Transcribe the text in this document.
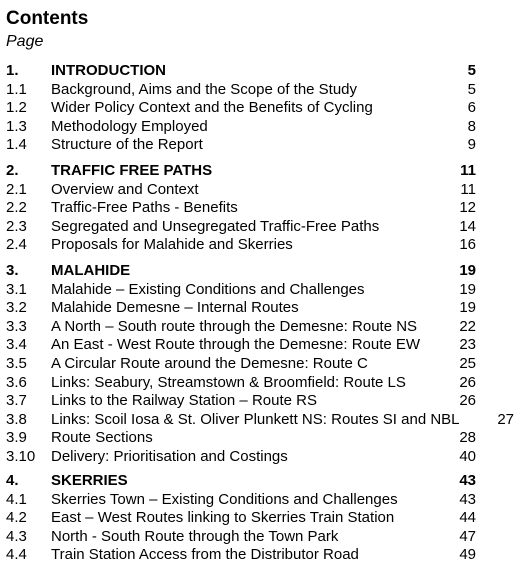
Contents
Page
1. INTRODUCTION	5
1.1 Background, Aims and the Scope of the Study	5
1.2 Wider Policy Context and the Benefits of Cycling	6
1.3 Methodology Employed	8
1.4 Structure of the Report	9
2. TRAFFIC FREE PATHS	11
2.1 Overview and Context	11
2.2 Traffic-Free Paths - Benefits	12
2.3 Segregated and Unsegregated Traffic-Free Paths	14
2.4 Proposals for Malahide and Skerries	16
3. MALAHIDE	19
3.1 Malahide – Existing Conditions and Challenges	19
3.2 Malahide Demesne – Internal Routes	19
3.3 A North – South route through the Demesne: Route NS	22
3.4 An East - West Route through the Demesne: Route EW	23
3.5 A Circular Route around the Demesne: Route C	25
3.6 Links: Seabury, Streamstown & Broomfield: Route LS	26
3.7 Links to the Railway Station – Route RS	26
3.8 Links: Scoil Iosa & St. Oliver Plunkett NS: Routes SI and NBL	27
3.9 Route Sections	28
3.10 Delivery: Prioritisation and Costings	40
4. SKERRIES	43
4.1 Skerries Town – Existing Conditions and Challenges	43
4.2 East – West Routes linking to Skerries Train Station	44
4.3 North - South Route through the Town Park	47
4.4 Train Station Access from the Distributor Road	49
